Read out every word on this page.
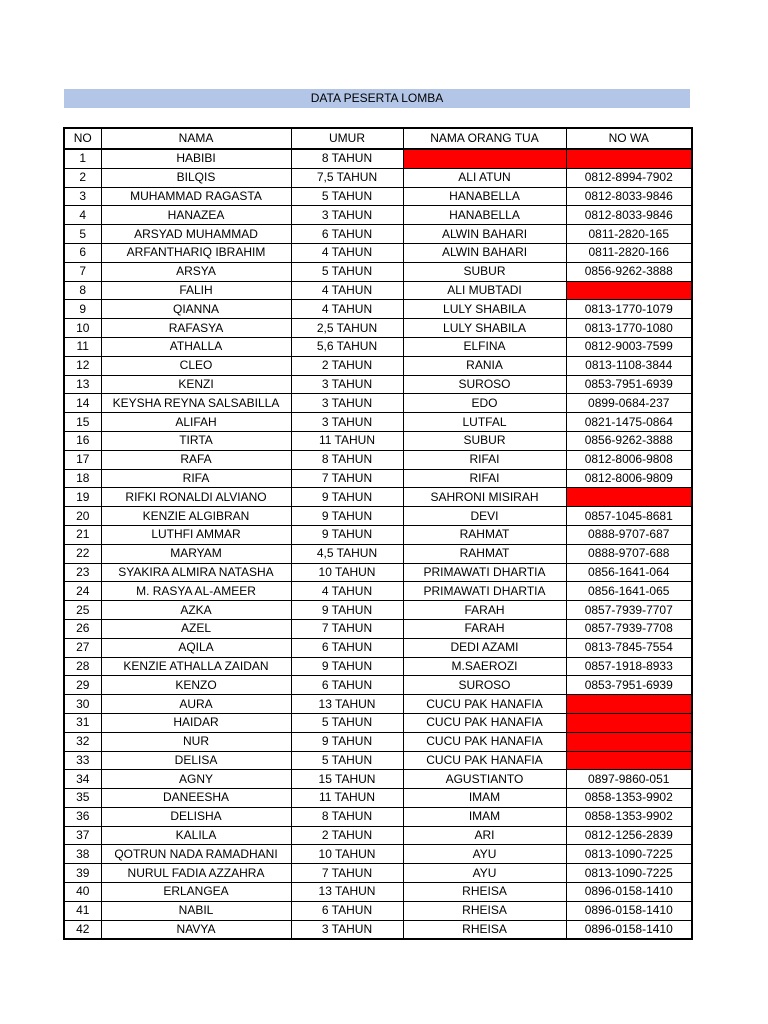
DATA PESERTA LOMBA
NO	NAMA	UMUR	NAMA ORANG TUA	NO WA
1	HABIBI	8 TAHUN		
2	BILQIS	7,5 TAHUN	ALI ATUN	0812-8994-7902
3	MUHAMMAD RAGASTA	5 TAHUN	HANABELLA	0812-8033-9846
4	HANAZEA	3 TAHUN	HANABELLA	0812-8033-9846
5	ARSYAD MUHAMMAD	6 TAHUN	ALWIN BAHARI	0811-2820-165
6	ARFANTHARIQ IBRAHIM	4 TAHUN	ALWIN BAHARI	0811-2820-166
7	ARSYA	5 TAHUN	SUBUR	0856-9262-3888
8	FALIH	4 TAHUN	ALI MUBTADI	
9	QIANNA	4 TAHUN	LULY SHABILA	0813-1770-1079
10	RAFASYA	2,5 TAHUN	LULY SHABILA	0813-1770-1080
11	ATHALLA	5,6 TAHUN	ELFINA	0812-9003-7599
12	CLEO	2 TAHUN	RANIA	0813-1108-3844
13	KENZI	3 TAHUN	SUROSO	0853-7951-6939
14	KEYSHA REYNA SALSABILLA	3 TAHUN	EDO	0899-0684-237
15	ALIFAH	3 TAHUN	LUTFAL	0821-1475-0864
16	TIRTA	11 TAHUN	SUBUR	0856-9262-3888
17	RAFA	8 TAHUN	RIFAI	0812-8006-9808
18	RIFA	7 TAHUN	RIFAI	0812-8006-9809
19	RIFKI RONALDI ALVIANO	9 TAHUN	SAHRONI MISIRAH	
20	KENZIE ALGIBRAN	9 TAHUN	DEVI	0857-1045-8681
21	LUTHFI AMMAR	9 TAHUN	RAHMAT	0888-9707-687
22	MARYAM	4,5 TAHUN	RAHMAT	0888-9707-688
23	SYAKIRA ALMIRA NATASHA	10 TAHUN	PRIMAWATI DHARTIA	0856-1641-064
24	M. RASYA AL-AMEER	4 TAHUN	PRIMAWATI DHARTIA	0856-1641-065
25	AZKA	9 TAHUN	FARAH	0857-7939-7707
26	AZEL	7 TAHUN	FARAH	0857-7939-7708
27	AQILA	6 TAHUN	DEDI AZAMI	0813-7845-7554
28	KENZIE ATHALLA ZAIDAN	9 TAHUN	M.SAEROZI	0857-1918-8933
29	KENZO	6 TAHUN	SUROSO	0853-7951-6939
30	AURA	13 TAHUN	CUCU PAK HANAFIA	
31	HAIDAR	5 TAHUN	CUCU PAK HANAFIA	
32	NUR	9 TAHUN	CUCU PAK HANAFIA	
33	DELISA	5 TAHUN	CUCU PAK HANAFIA	
34	AGNY	15 TAHUN	AGUSTIANTO	0897-9860-051
35	DANEESHA	11 TAHUN	IMAM	0858-1353-9902
36	DELISHA	8 TAHUN	IMAM	0858-1353-9902
37	KALILA	2 TAHUN	ARI	0812-1256-2839
38	QOTRUN NADA RAMADHANI	10 TAHUN	AYU	0813-1090-7225
39	NURUL FADIA AZZAHRA	7 TAHUN	AYU	0813-1090-7225
40	ERLANGEA	13 TAHUN	RHEISA	0896-0158-1410
41	NABIL	6 TAHUN	RHEISA	0896-0158-1410
42	NAVYA	3 TAHUN	RHEISA	0896-0158-1410
